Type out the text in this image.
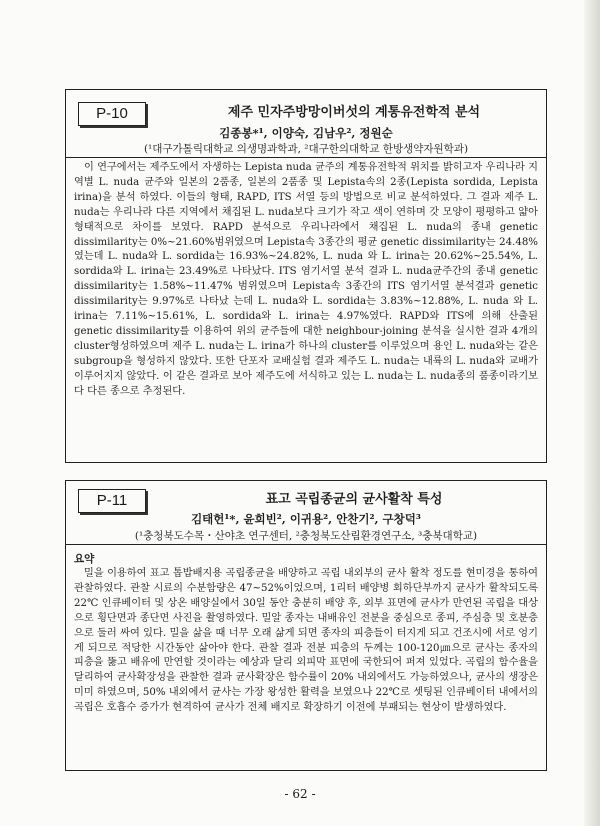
P-10	제주 민자주방망이버섯의 계통유전학적 분석
김종봉*¹, 이양숙, 김남우², 정원순
(¹대구가톨릭대학교 의생명과학과, ²대구한의대학교 한방생약자원학과)

이 연구에서는 제주도에서 자생하는 Lepista nuda 균주의 계통유전학적 위치를 밝히고자 우리나라 지역별 L. nuda 균주와 일본의 2품종, 일본의 2품종 및 Lepista속의 2종(Lepista sordida, Lepista irina)을 분석 하였다. 이들의 형태, RAPD, ITS 서열 등의 방법으로 비교 분석하였다. 그 결과 제주 L. nuda는 우리나라 다른 지역에서 채집된 L. nuda보다 크기가 작고 색이 연하며 갓 모양이 평평하고 얇아 형태적으로 차이를 보였다. RAPD 분석으로 우리나라에서 채집된 L. nuda의 종내 genetic dissimilarity는 0%~21.60%범위였으며 Lepista속 3종간의 평균 genetic dissimilarity는 24.48%였는데 L. nuda와 L. sordida는 16.93%~24.82%, L. nuda 와 L. irina는 20.62%~25.54%, L. sordida와 L. irina는 23.49%로 나타났다. ITS 염기서열 분석 결과 L. nuda균주간의 종내 genetic dissimilarity는 1.58%~11.47% 범위였으며 Lepista속 3종간의 ITS 염기서열 분석결과 genetic dissimilarity는 9.97%로 나타났 는데 L. nuda와 L. sordida는 3.83%~12.88%, L. nuda 와 L. irina는 7.11%~15.61%, L. sordida와 L. irina는 4.97%였다. RAPD와 ITS에 의해 산출된 genetic dissimilarity를 이용하여 위의 균주들에 대한 neighbour-joining 분석을 실시한 결과 4개의 cluster형성하였으며 제주 L. nuda는 L. irina가 하나의 cluster를 이루었으며 용인 L. nuda와는 같은 subgroup을 형성하지 않았다. 또한 단포자 교배실험 결과 제주도 L. nuda는 내륙의 L. nuda와 교배가 이루어지지 않았다. 이 같은 결과로 보아 제주도에 서식하고 있는 L. nuda는 L. nuda종의 품종이라기보다 다른 종으로 추정된다.

P-11	표고 곡립종균의 균사활착 특성
김태헌¹*, 윤희빈², 이귀용², 안찬기², 구창덕³
(¹충청북도수목・산야초 연구센터, ²충청북도산림환경연구소, ³충북대학교)
요약

밀을 이용하여 표고 톱밥배지용 곡립종균을 배양하고 곡립 내외부의 균사 활착 정도를 현미경을 통하여 관찰하였다. 관찰 시료의 수분함량은 47~52%이었으며, 1리터 배양병 회하단부까지 균사가 활착되도록 22℃ 인큐베이터 및 상온 배양실에서 30일 동안 충분히 배양 후, 외부 표면에 균사가 만연된 곡립을 대상으로 횡단면과 종단면 사진을 촬영하였다. 밀알 종자는 내배유인 전분을 중심으로 종피, 주심층 및 호분층으로 둘러 싸여 있다. 밀을 삶을 때 너무 오래 삶게 되면 종자의 피층들이 터지게 되고 건조시에 서로 엉기게 되므로 적당한 시간동안 삶아야 한다. 관찰 결과 전분 피층의 두께는 100-120㎛으로 균사는 종자의 피층을 뚫고 배유에 만연할 것이라는 예상과 달리 외피막 표면에 국한되어 퍼져 있었다. 곡립의 함수율을 달리하여 균사확장성을 관찰한 결과 균사확장은 함수률이 20% 내외에서도 가능하였으나, 균사의 생장은 미미 하였으며, 50% 내외에서 균사는 가장 왕성한 활력을 보였으나 22℃로 셋팅된 인큐베이터 내에서의 곡립은 호흡수 증가가 현격하여 균사가 전체 배지로 확장하기 이전에 부패되는 현상이 발생하였다.

- 62 -
